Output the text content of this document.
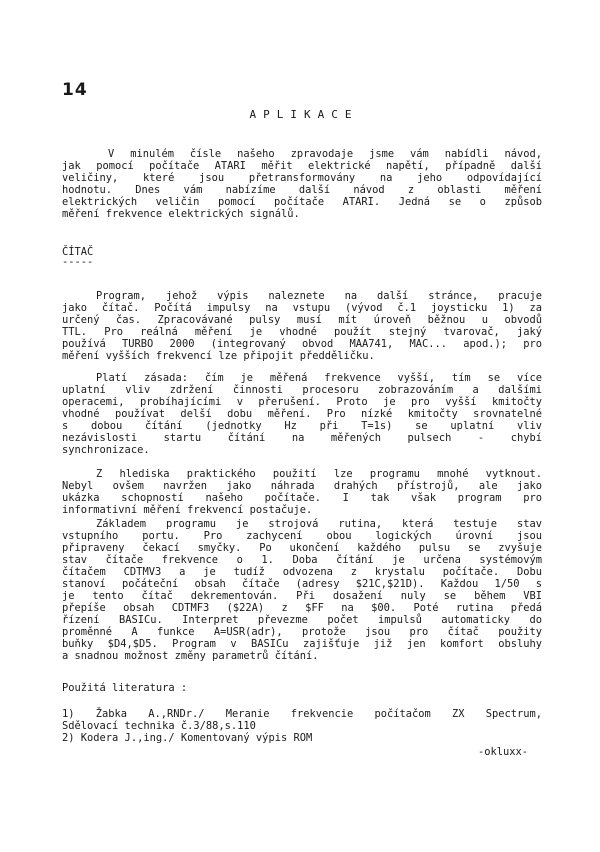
14
APLIKACE
V minulém čísle našeho zpravodaje jsme vám nabídli návod,
jak pomocí počítače ATARI měřit elektrické napětí, případně další
veličiny, které jsou přetransformovány na jeho odpovídající
hodnotu. Dnes vám nabízíme další návod z oblasti měření
elektrických veličin pomocí počítače ATARI. Jedná se o způsob
měření frekvence elektrických signálů.
ČÍTAČ
-----
Program, jehož výpis naleznete na další stránce, pracuje
jako čítač. Počítá impulsy na vstupu (vývod č.1 joysticku 1) za
určený čas. Zpracovávané pulsy musí mít úroveň běžnou u obvodů
TTL. Pro reálná měření je vhodné použít stejný tvarovač, jaký
používá TURBO 2000 (integrovaný obvod MAA741, MAC... apod.); pro
měření vyšších frekvencí lze připojit předděličku.
Platí zásada: čím je měřená frekvence vyšší, tím se více
uplatní vliv zdržení činnosti procesoru zobrazováním a dalšími
operacemi, probíhajícími v přerušení. Proto je pro vyšší kmitočty
vhodné používat delší dobu měření. Pro nízké kmitočty srovnatelné
s dobou čítání (jednotky Hz při T=1s) se uplatní vliv
nezávislosti startu čítání na měřených pulsech - chybí
synchronizace.
Z hlediska praktického použití lze programu mnohé vytknout.
Nebyl ovšem navržen jako náhrada drahých přístrojů, ale jako
ukázka schopností našeho počítače. I tak však program pro
informativní měření frekvencí postačuje.
Základem programu je strojová rutina, která testuje stav
vstupního portu. Pro zachycení obou logických úrovní jsou
připraveny čekací smyčky. Po ukončení každého pulsu se zvyšuje
stav čítače frekvence o 1. Doba čítání je určena systémovým
čítačem CDTMV3 a je tudíž odvozena z krystalu počítače. Dobu
stanoví počáteční obsah čítače (adresy $21C,$21D). Každou 1/50 s
je tento čítač dekrementován. Při dosažení nuly se během VBI
přepíše obsah CDTMF3 ($22A) z $FF na $00. Poté rutina předá
řízení BASICu. Interpret převezme počet impulsů automaticky do
proměnné A funkce A=USR(adr), protože jsou pro čítač použity
buňky $D4,$D5. Program v BASICu zajišťuje již jen komfort obsluhy
a snadnou možnost změny parametrů čítání.
Použitá literatura :
1) Žabka A.,RNDr./ Meranie frekvencie počítačom ZX Spectrum,
Sdělovací technika č.3/88,s.110
2) Kodera J.,ing./ Komentovaný výpis ROM
-okluxx-
